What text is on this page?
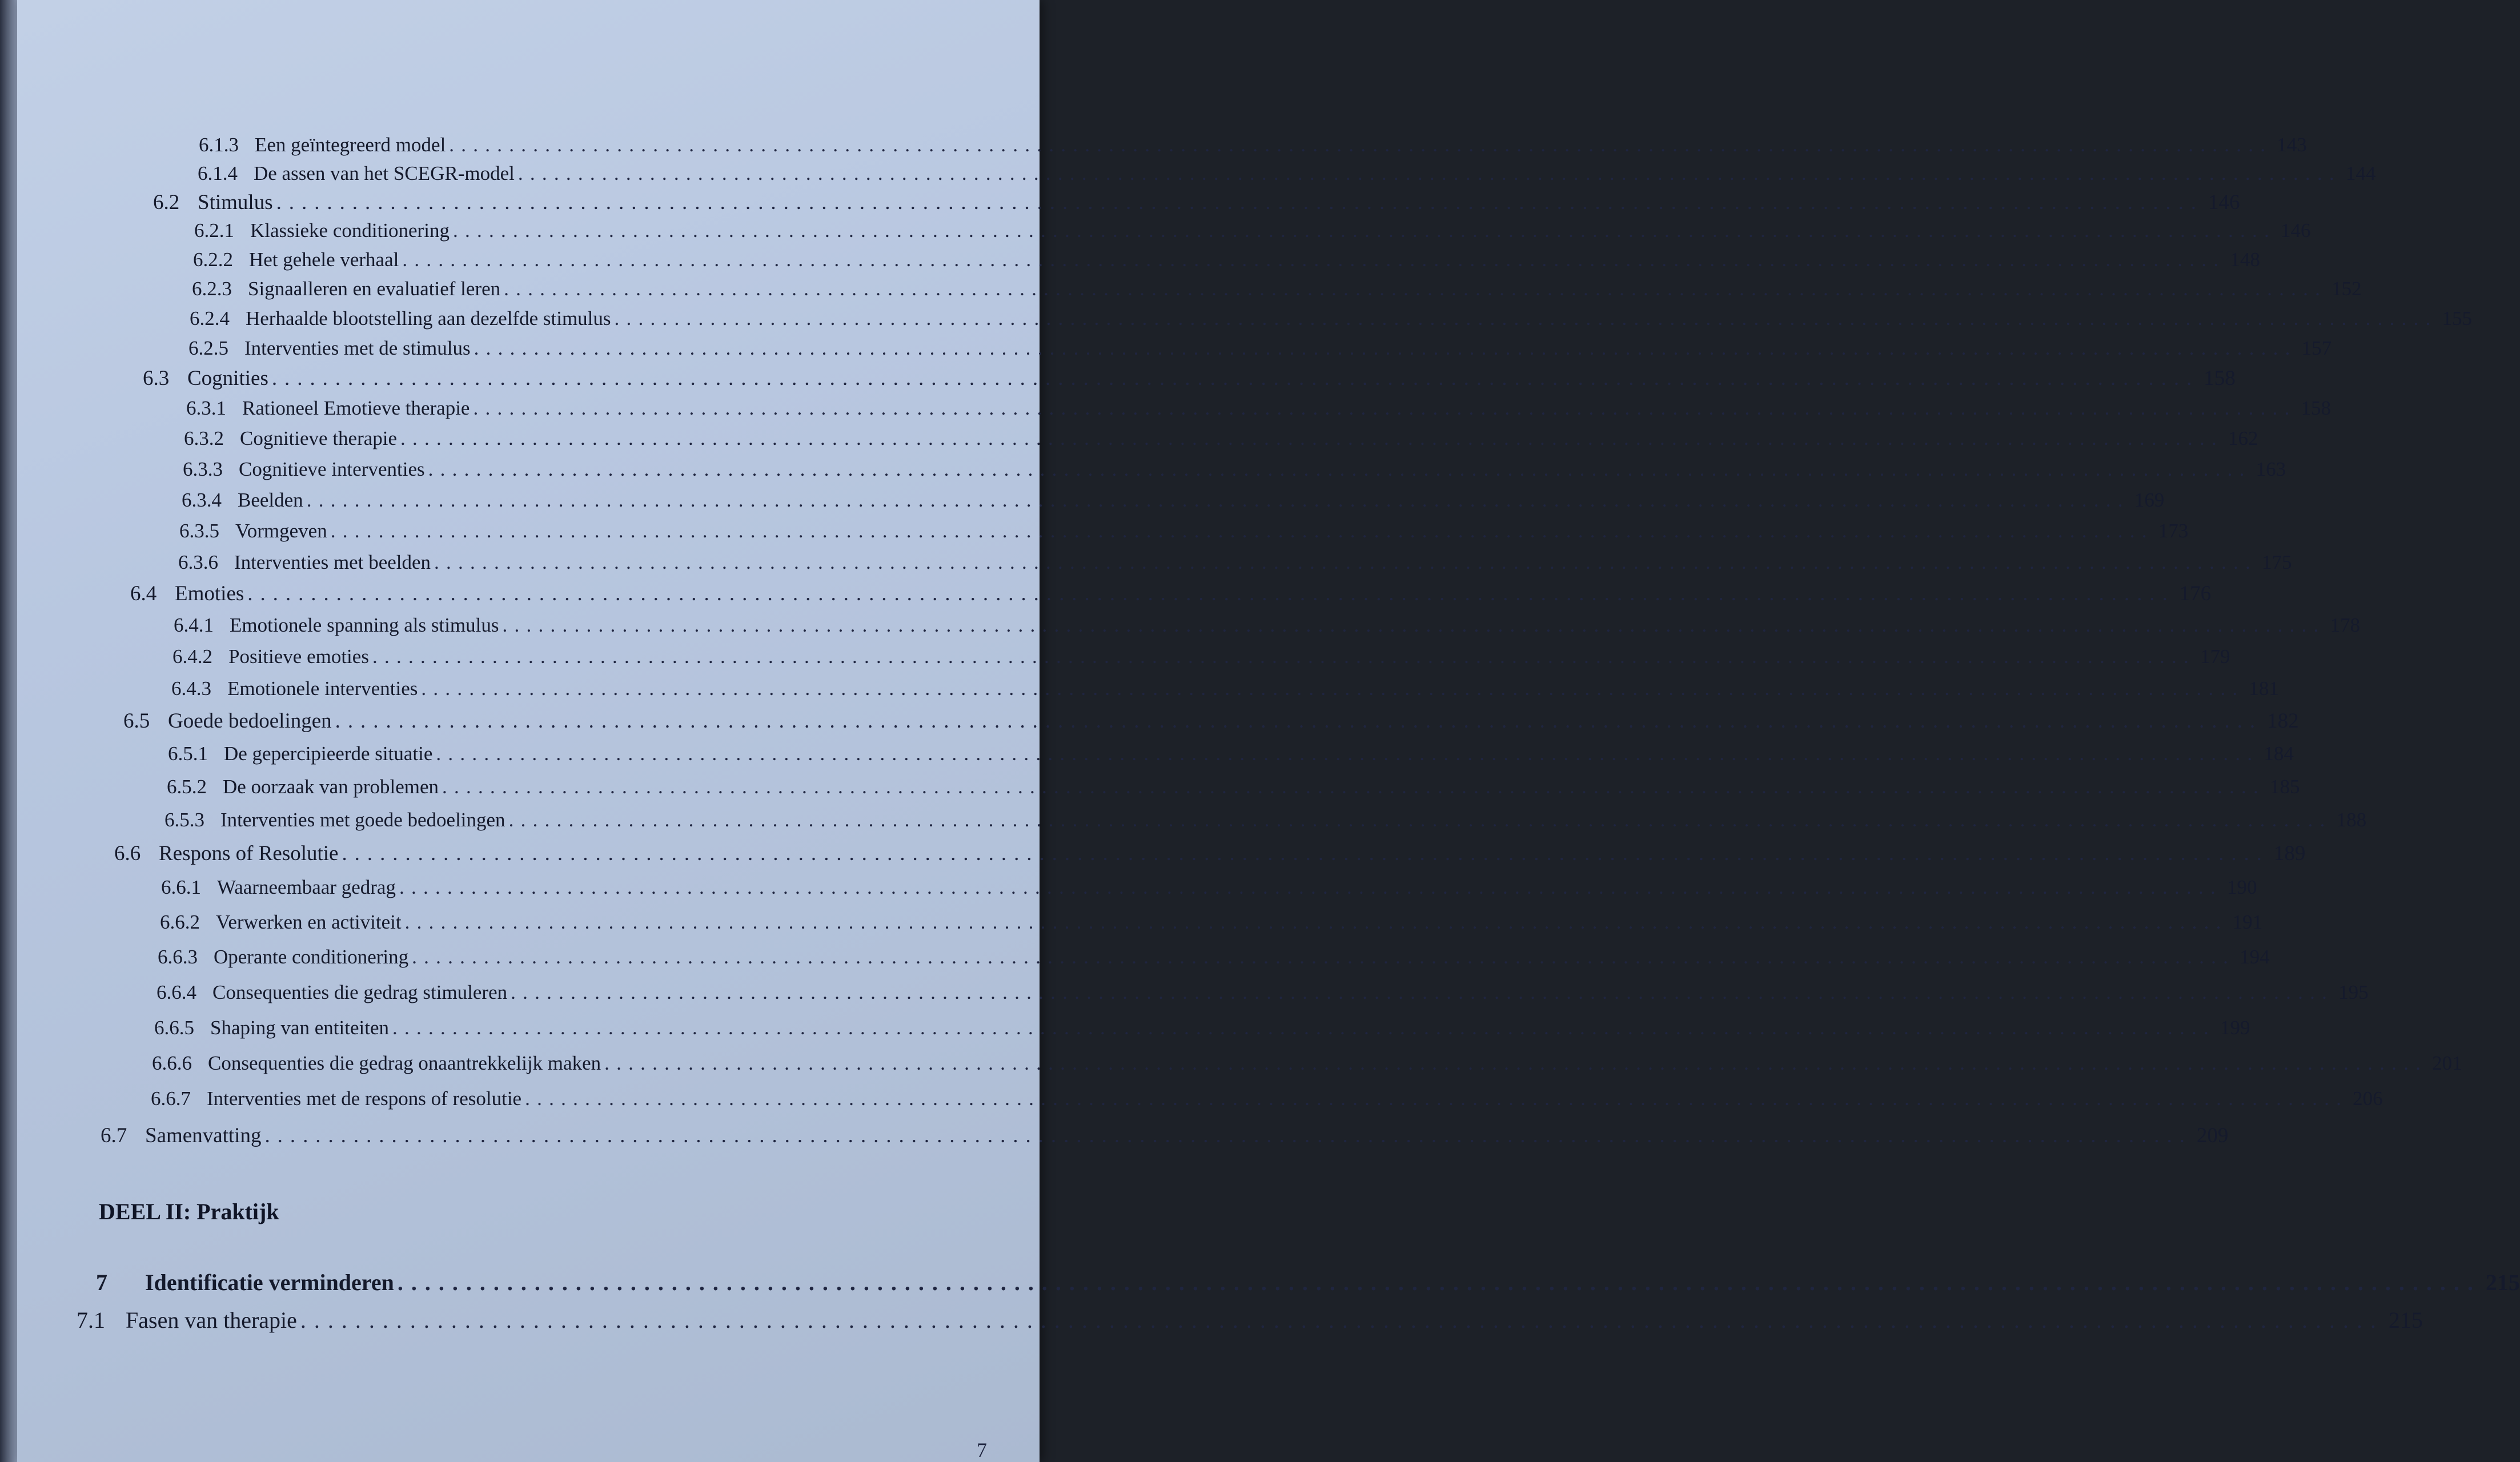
6.1.3 Een geïntegreerd model ........................................................................................................................................................ 143
6.1.4 De assen van het SCEGR-model ........................................................................................................................................................ 144
6.2 Stimulus ........................................................................................................................................................ 146
6.2.1 Klassieke conditionering ........................................................................................................................................................ 146
6.2.2 Het gehele verhaal ........................................................................................................................................................ 148
6.2.3 Signaalleren en evaluatief leren ........................................................................................................................................................ 152
6.2.4 Herhaalde blootstelling aan dezelfde stimulus ........................................................................................................................................................ 155
6.2.5 Interventies met de stimulus ........................................................................................................................................................ 157
6.3 Cognities ........................................................................................................................................................ 158
6.3.1 Rationeel Emotieve therapie ........................................................................................................................................................ 158
6.3.2 Cognitieve therapie ........................................................................................................................................................ 162
6.3.3 Cognitieve interventies ........................................................................................................................................................ 163
6.3.4 Beelden ........................................................................................................................................................ 169
6.3.5 Vormgeven ........................................................................................................................................................ 173
6.3.6 Interventies met beelden ........................................................................................................................................................ 175
6.4 Emoties ........................................................................................................................................................ 176
6.4.1 Emotionele spanning als stimulus ........................................................................................................................................................ 178
6.4.2 Positieve emoties ........................................................................................................................................................ 179
6.4.3 Emotionele interventies ........................................................................................................................................................ 181
6.5 Goede bedoelingen ........................................................................................................................................................ 182
6.5.1 De gepercipieerde situatie ........................................................................................................................................................ 184
6.5.2 De oorzaak van problemen ........................................................................................................................................................ 185
6.5.3 Interventies met goede bedoelingen ........................................................................................................................................................ 188
6.6 Respons of Resolutie ........................................................................................................................................................ 189
6.6.1 Waarneembaar gedrag ........................................................................................................................................................ 190
6.6.2 Verwerken en activiteit ........................................................................................................................................................ 191
6.6.3 Operante conditionering ........................................................................................................................................................ 194
6.6.4 Consequenties die gedrag stimuleren ........................................................................................................................................................ 195
6.6.5 Shaping van entiteiten ........................................................................................................................................................ 199
6.6.6 Consequenties die gedrag onaantrekkelijk maken ........................................................................................................................................................ 201
6.6.7 Interventies met de respons of resolutie ........................................................................................................................................................ 206
6.7 Samenvatting ........................................................................................................................................................ 209
DEEL II: Praktijk
7	Identificatie verminderen ........................................................................................................................................................ 215
7.1 Fasen van therapie ........................................................................................................................................................ 215
7
